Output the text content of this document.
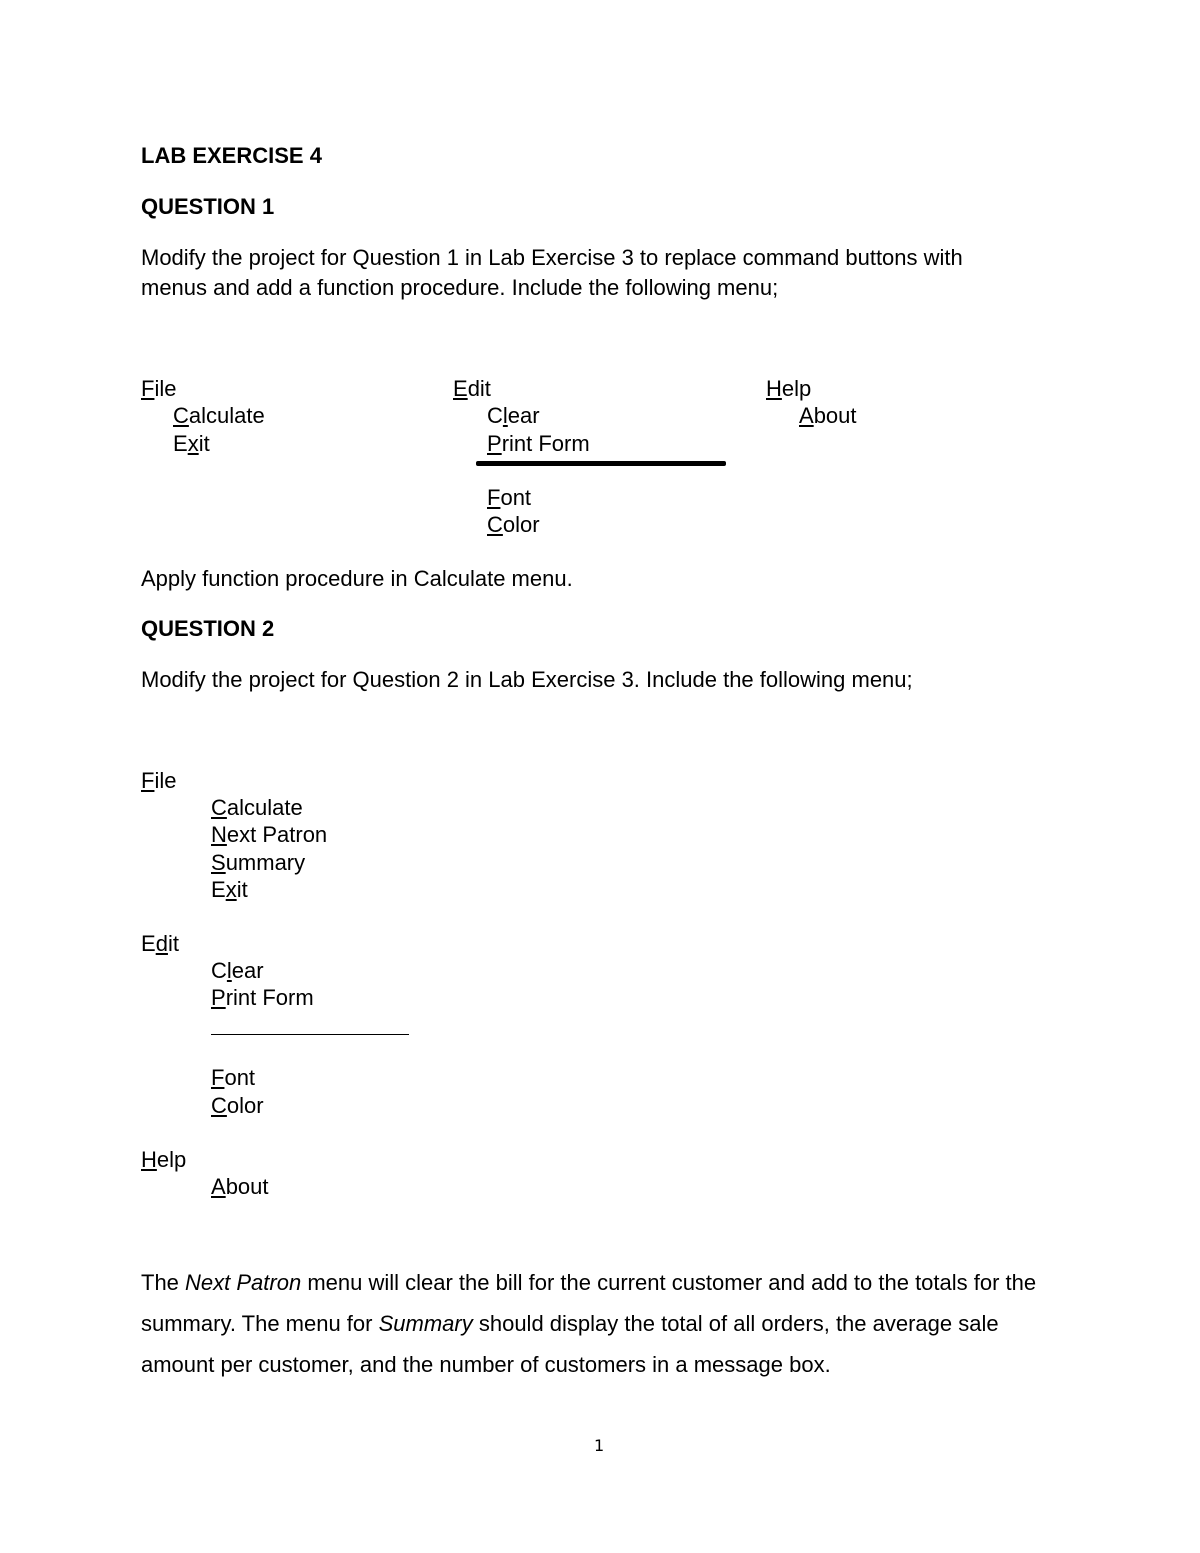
LAB EXERCISE 4
QUESTION 1
Modify the project for Question 1 in Lab Exercise 3 to replace command buttons with
menus and add a function procedure. Include the following menu;
File
Calculate
Exit
Edit
Clear
Print Form
Font
Color
Help
About
Apply function procedure in Calculate menu.
QUESTION 2
Modify the project for Question 2 in Lab Exercise 3. Include the following menu;
File
Calculate
Next Patron
Summary
Exit
Edit
Clear
Print Form
Font
Color
Help
About

The Next Patron menu will clear the bill for the current customer and add to the totals for the summary. The menu for Summary should display the total of all orders, the average sale amount per customer, and the number of customers in a message box.

1
